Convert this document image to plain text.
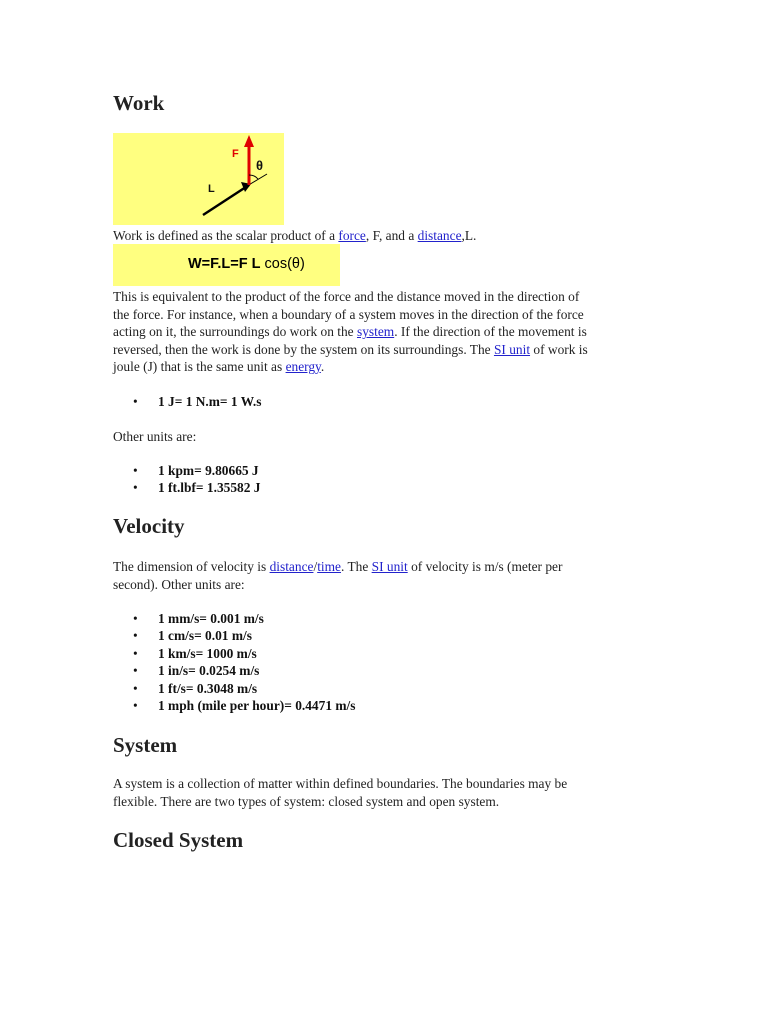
Work
F
θ
L

Work is defined as the scalar product of a force, F, and a distance,L.

W=F.L=F L cos(θ)

This is equivalent to the product of the force and the distance moved in the direction of

the force. For instance, when a boundary of a system moves in the direction of the force

acting on it, the surroundings do work on the system. If the direction of the movement is

reversed, then the work is done by the system on its surroundings. The SI unit of work is

joule (J) that is the same unit as energy.

• 1 J= 1 N.m= 1 W.s

Other units are:

• 1 kpm= 9.80665 J
• 1 ft.lbf= 1.35582 J
Velocity

The dimension of velocity is distance/time. The SI unit of velocity is m/s (meter per

second). Other units are:

• 1 mm/s= 0.001 m/s
• 1 cm/s= 0.01 m/s
• 1 km/s= 1000 m/s
• 1 in/s= 0.0254 m/s
• 1 ft/s= 0.3048 m/s
• 1 mph (mile per hour)= 0.4471 m/s
System

A system is a collection of matter within defined boundaries. The boundaries may be

flexible. There are two types of system: closed system and open system.

Closed System
